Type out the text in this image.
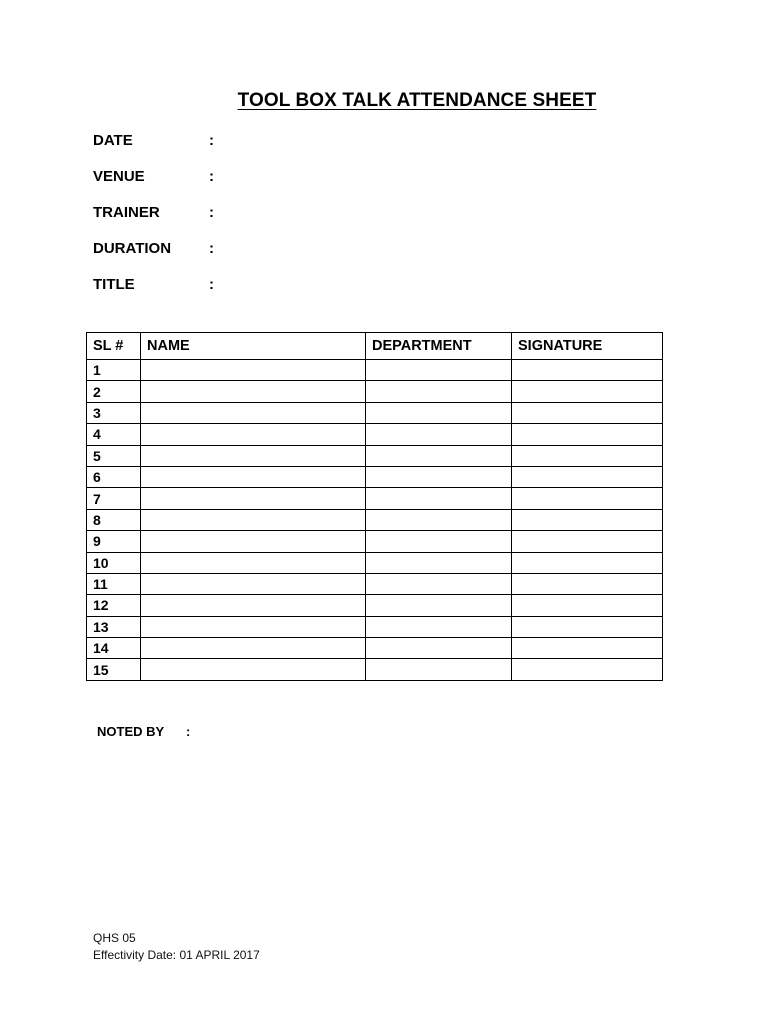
TOOL BOX TALK ATTENDANCE SHEET
DATE	:
VENUE	:
TRAINER	:
DURATION	:
TITLE	:
SL #	NAME	DEPARTMENT	SIGNATURE
1			
2			
3			
4			
5			
6			
7			
8			
9			
10			
11			
12			
13			
14			
15			
NOTED BY :
QHS 05
Effectivity Date: 01 APRIL 2017
